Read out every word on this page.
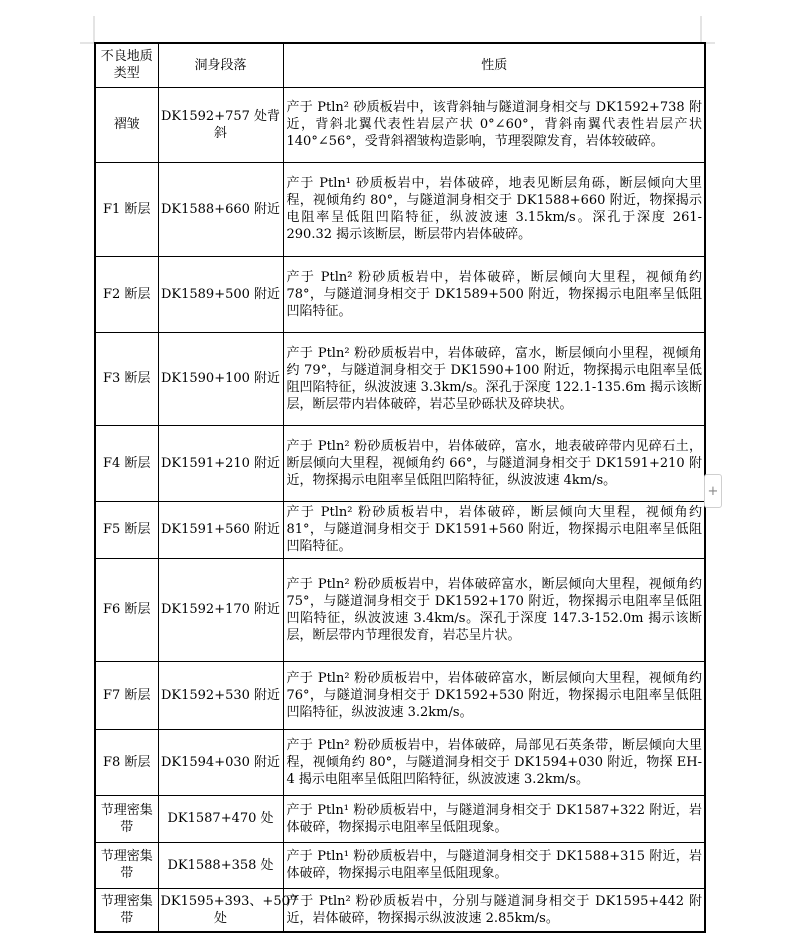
不良地质类型	洞身段落	性质
褶皱	DK1592+757 处背斜	产于 Ptln² 砂质板岩中，该背斜轴与隧道洞身相交与 DK1592+738 附近，背斜北翼代表性岩层产状 0°∠60°，背斜南翼代表性岩层产状 140°∠56°，受背斜褶皱构造影响，节理裂隙发育，岩体较破碎。
F1 断层	DK1588+660 附近	产于 Ptln¹ 砂质板岩中，岩体破碎，地表见断层角砾，断层倾向大里程，视倾角约 80°，与隧道洞身相交于 DK1588+660 附近，物探揭示电阻率呈低阻凹陷特征，纵波波速 3.15km/s。深孔于深度 261-290.32 揭示该断层，断层带内岩体破碎。
F2 断层	DK1589+500 附近	产于 Ptln² 粉砂质板岩中，岩体破碎，断层倾向大里程，视倾角约 78°，与隧道洞身相交于 DK1589+500 附近，物探揭示电阻率呈低阻凹陷特征。
F3 断层	DK1590+100 附近	产于 Ptln² 粉砂质板岩中，岩体破碎，富水，断层倾向小里程，视倾角约 79°，与隧道洞身相交于 DK1590+100 附近，物探揭示电阻率呈低阻凹陷特征，纵波波速 3.3km/s。深孔于深度 122.1-135.6m 揭示该断层，断层带内岩体破碎，岩芯呈砂砾状及碎块状。
F4 断层	DK1591+210 附近	产于 Ptln² 粉砂质板岩中，岩体破碎，富水，地表破碎带内见碎石土，断层倾向大里程，视倾角约 66°，与隧道洞身相交于 DK1591+210 附近，物探揭示电阻率呈低阻凹陷特征，纵波波速 4km/s。
F5 断层	DK1591+560 附近	产于 Ptln² 粉砂质板岩中，岩体破碎，断层倾向大里程，视倾角约 81°，与隧道洞身相交于 DK1591+560 附近，物探揭示电阻率呈低阻凹陷特征。
F6 断层	DK1592+170 附近	产于 Ptln² 粉砂质板岩中，岩体破碎富水，断层倾向大里程，视倾角约 75°，与隧道洞身相交于 DK1592+170 附近，物探揭示电阻率呈低阻凹陷特征，纵波波速 3.4km/s。深孔于深度 147.3-152.0m 揭示该断层，断层带内节理很发育，岩芯呈片状。
F7 断层	DK1592+530 附近	产于 Ptln² 粉砂质板岩中，岩体破碎富水，断层倾向大里程，视倾角约 76°，与隧道洞身相交于 DK1592+530 附近，物探揭示电阻率呈低阻凹陷特征，纵波波速 3.2km/s。
F8 断层	DK1594+030 附近	产于 Ptln² 粉砂质板岩中，岩体破碎，局部见石英条带，断层倾向大里程，视倾角约 80°，与隧道洞身相交于 DK1594+030 附近，物探 EH-4 揭示电阻率呈低阻凹陷特征，纵波波速 3.2km/s。
节理密集带	DK1587+470 处	产于 Ptln¹ 粉砂质板岩中，与隧道洞身相交于 DK1587+322 附近，岩体破碎，物探揭示电阻率呈低阻现象。
节理密集带	DK1588+358 处	产于 Ptln¹ 粉砂质板岩中，与隧道洞身相交于 DK1588+315 附近，岩体破碎，物探揭示电阻率呈低阻现象。
节理密集带	DK1595+393、+507 处	产于 Ptln² 粉砂质板岩中，分别与隧道洞身相交于 DK1595+442 附近，岩体破碎，物探揭示纵波波速 2.85km/s。
+
